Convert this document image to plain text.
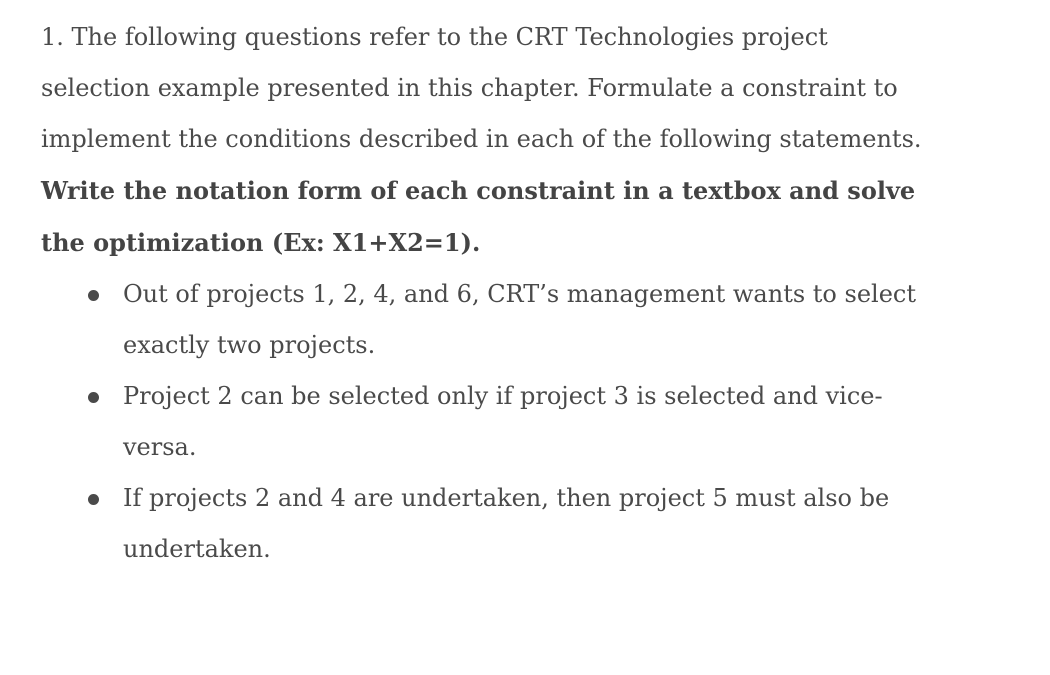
1. The following questions refer to the CRT Technologies project selection example presented in this chapter. Formulate a constraint to implement the conditions described in each of the following statements. Write the notation form of each constraint in a textbox and solve the optimization (Ex: X1+X2=1).

Out of projects 1, 2, 4, and 6, CRT’s management wants to select exactly two projects.
Project 2 can be selected only if project 3 is selected and vice-versa.
If projects 2 and 4 are undertaken, then project 5 must also be undertaken.
